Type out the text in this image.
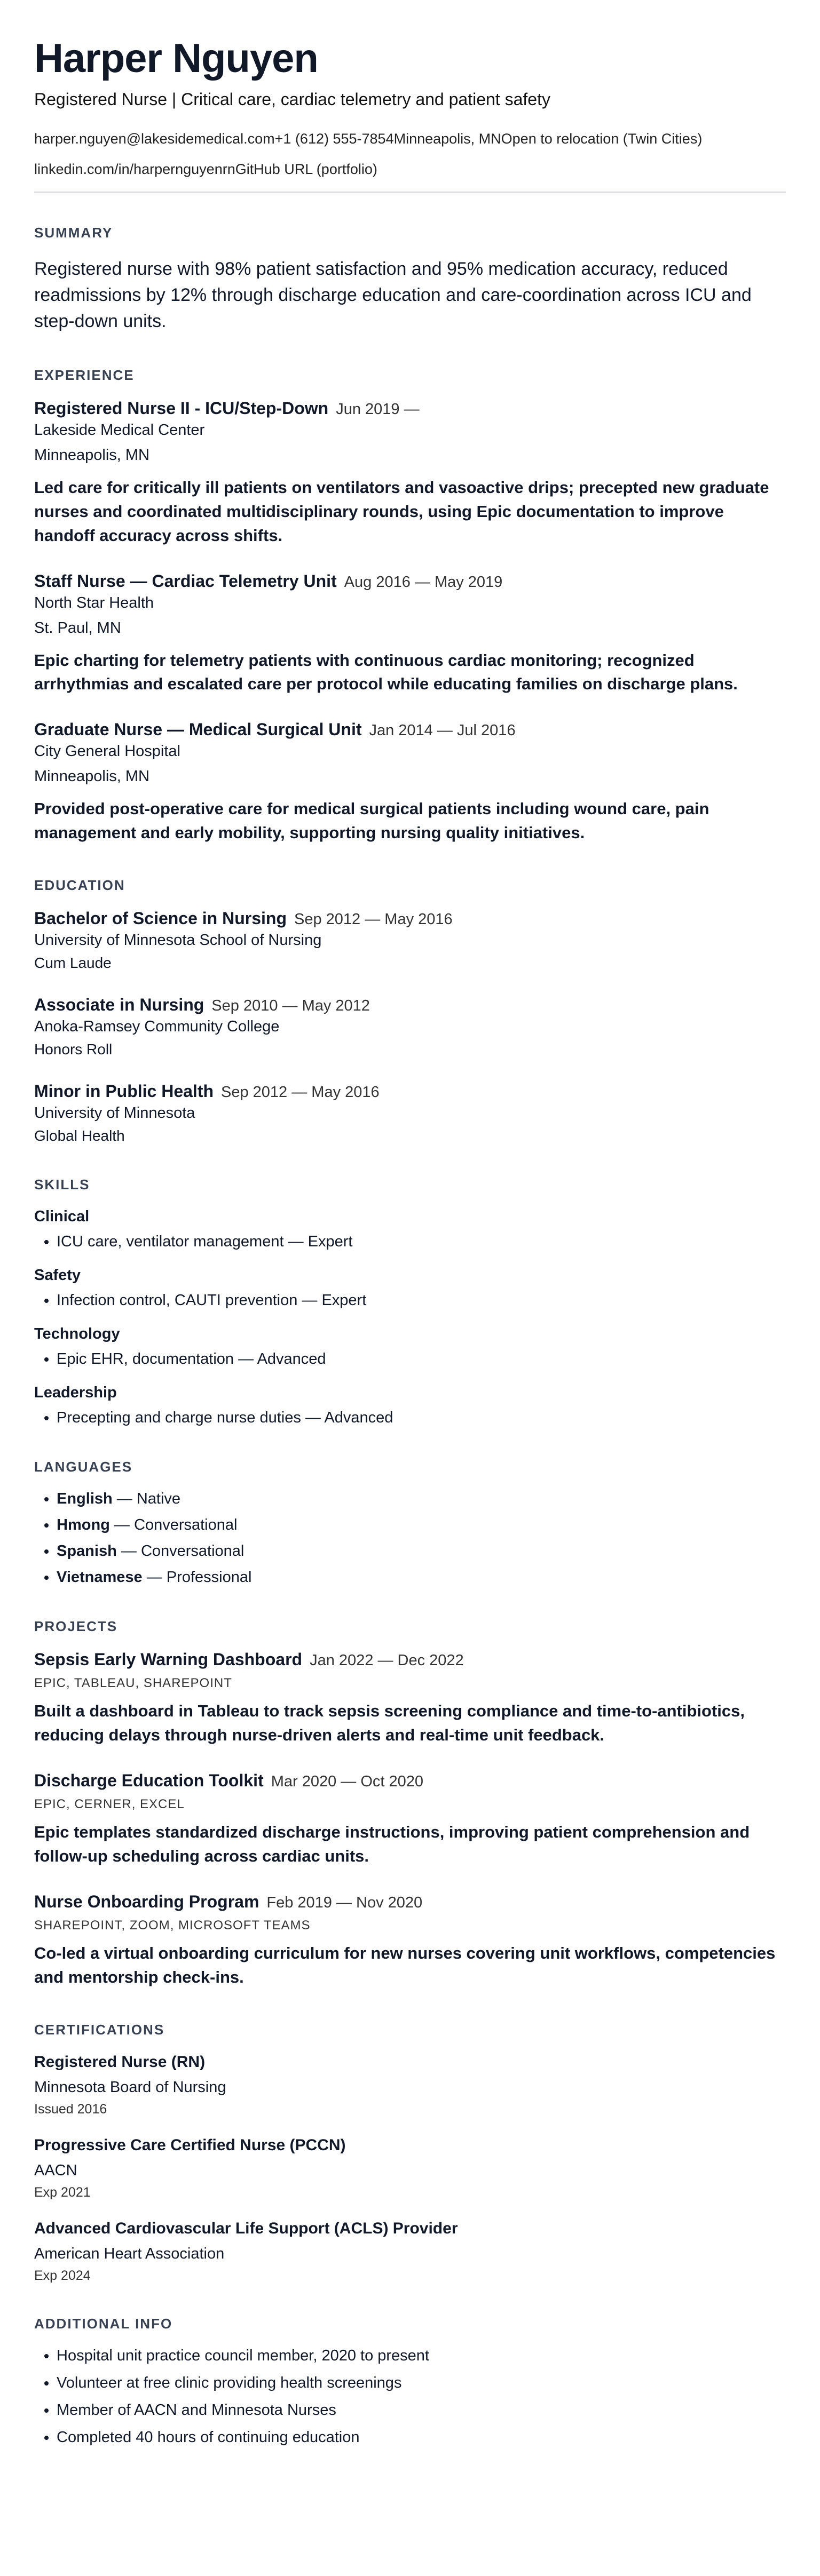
Harper Nguyen

Registered Nurse | Critical care, cardiac telemetry and patient safety

harper.nguyen@lakesidemedical.com+1 (612) 555-7854Minneapolis, MNOpen to relocation (Twin Cities)

linkedin.com/in/harpernguyenrnGitHub URL (portfolio)

SUMMARY

Registered nurse with 98% patient satisfaction and 95% medication accuracy, reduced readmissions by 12% through discharge education and care-coordination across ICU and step-down units.

EXPERIENCE
Registered Nurse II - ICU/Step-Down Jun 2019 —

Lakeside Medical Center

Minneapolis, MN

Led care for critically ill patients on ventilators and vasoactive drips; precepted new graduate nurses and coordinated multidisciplinary rounds, using Epic documentation to improve handoff accuracy across shifts.

Staff Nurse — Cardiac Telemetry Unit Aug 2016 — May 2019

North Star Health

St. Paul, MN

Epic charting for telemetry patients with continuous cardiac monitoring; recognized arrhythmias and escalated care per protocol while educating families on discharge plans.

Graduate Nurse — Medical Surgical Unit Jan 2014 — Jul 2016

City General Hospital

Minneapolis, MN

Provided post-operative care for medical surgical patients including wound care, pain management and early mobility, supporting nursing quality initiatives.

EDUCATION
Bachelor of Science in Nursing Sep 2012 — May 2016

University of Minnesota School of Nursing

Cum Laude

Associate in Nursing Sep 2010 — May 2012

Anoka-Ramsey Community College

Honors Roll

Minor in Public Health Sep 2012 — May 2016

University of Minnesota

Global Health

SKILLS
Clinical
• ICU care, ventilator management — Expert
Safety
• Infection control, CAUTI prevention — Expert
Technology
• Epic EHR, documentation — Advanced
Leadership
• Precepting and charge nurse duties — Advanced
LANGUAGES
• English — Native
• Hmong — Conversational
• Spanish — Conversational
• Vietnamese — Professional
PROJECTS
Sepsis Early Warning Dashboard Jan 2022 — Dec 2022

EPIC, TABLEAU, SHAREPOINT

Built a dashboard in Tableau to track sepsis screening compliance and time-to-antibiotics, reducing delays through nurse-driven alerts and real-time unit feedback.

Discharge Education Toolkit Mar 2020 — Oct 2020

EPIC, CERNER, EXCEL

Epic templates standardized discharge instructions, improving patient comprehension and follow-up scheduling across cardiac units.

Nurse Onboarding Program Feb 2019 — Nov 2020

SHAREPOINT, ZOOM, MICROSOFT TEAMS

Co-led a virtual onboarding curriculum for new nurses covering unit workflows, competencies and mentorship check-ins.

CERTIFICATIONS

Registered Nurse (RN)

Minnesota Board of Nursing

Issued 2016

Progressive Care Certified Nurse (PCCN)

AACN

Exp 2021

Advanced Cardiovascular Life Support (ACLS) Provider

American Heart Association

Exp 2024
ADDITIONAL INFO
• Hospital unit practice council member, 2020 to present
• Volunteer at free clinic providing health screenings
• Member of AACN and Minnesota Nurses
• Completed 40 hours of continuing education
